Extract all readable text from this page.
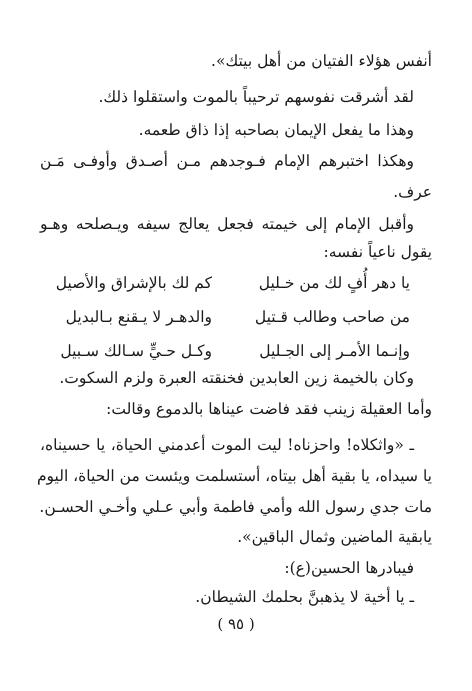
أنفس هؤلاء الفتيان من أهل بيتك».
لقد أشرقت نفوسهم ترحيباً بالموت واستقلوا ذلك.
وهذا ما يفعل الإيمان بصاحبه إذا ذاق طعمه.
وهكذا اختبرهم الإمام فـوجدهم مـن أصـدق وأوفـى مَـن
عرف.
وأقبل الإمام إلى خيمته فجعل يعالج سيفه ويـصلحه وهـو
يقول ناعياً نفسه:
يا دهر أُفٍ لك من خـليل
كم لك بالإشراق والأصيل
من صاحب وطالب قـتيل
والدهـر لا يـقنع بـالبديل
وإنـما الأمـر إلى الجـليل
وكـل حـيٍّ سـالك سـبيل
وكان بالخيمة زين العابدين فخنقته العبرة ولزم السكوت.
وأما العقيلة زينب فقد فاضت عيناها بالدموع وقالت:
ـ «واثكلاه! واحزناه! ليت الموت أعدمني الحياة، يا حسيناه،
يا سيداه، يا بقية أهل بيتاه، أستسلمت ويئست من الحياة، اليوم
مات جدي رسول الله وأمي فاطمة وأبي عـلي وأخـي الحسـن.
يابقية الماضين وثمال الباقين».
فيبادرها الحسين(ع):
ـ يا أخية لا يذهبنَّ بحلمك الشيطان.
( ٩٥ )
